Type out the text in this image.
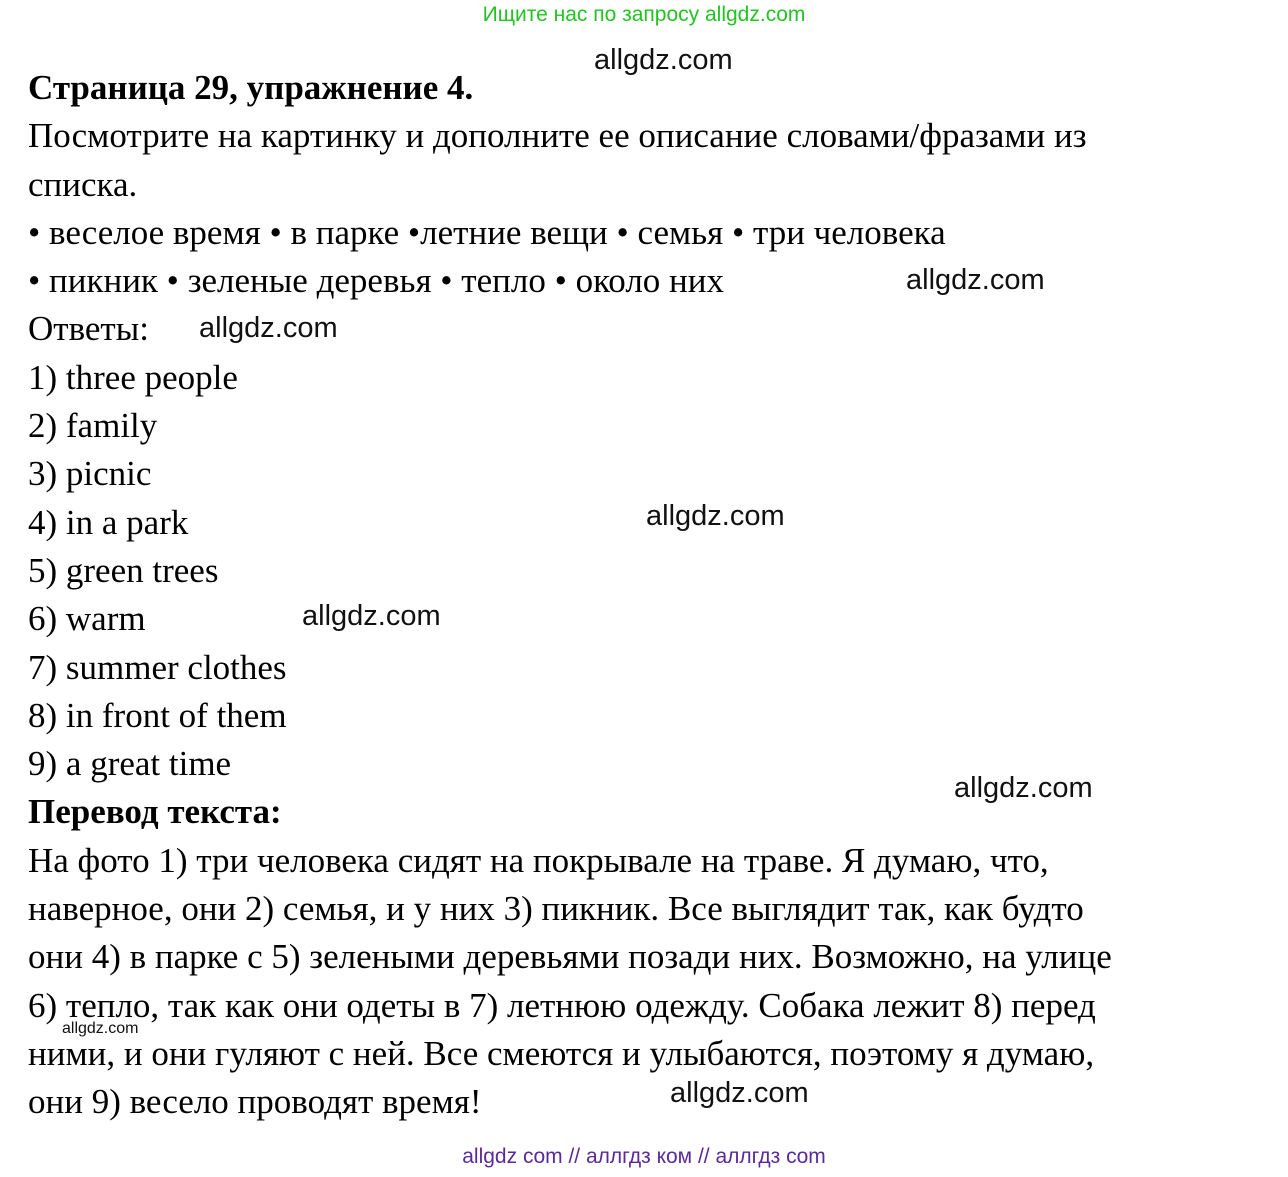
Ищите нас по запросу allgdz.com
Страница 29, упражнение 4.
Посмотрите на картинку и дополните ее описание словами/фразами из
списка.
• веселое время • в парке •летние вещи • семья • три человека
• пикник • зеленые деревья • тепло • около них
Ответы:
1) three people
2) family
3) picnic
4) in a park
5) green trees
6) warm
7) summer clothes
8) in front of them
9) a great time
Перевод текста:
На фото 1) три человека сидят на покрывале на траве. Я думаю, что,
наверное, они 2) семья, и у них 3) пикник. Все выглядит так, как будто
они 4) в парке с 5) зелеными деревьями позади них. Возможно, на улице
6) тепло, так как они одеты в 7) летнюю одежду. Собака лежит 8) перед
ними, и они гуляют с ней. Все смеются и улыбаются, поэтому я думаю,
они 9) весело проводят время!
allgdz.com
allgdz.com
allgdz.com
allgdz.com
allgdz.com
allgdz.com
allgdz.com
allgdz.com
allgdz com // аллгдз ком // аллгдз com
